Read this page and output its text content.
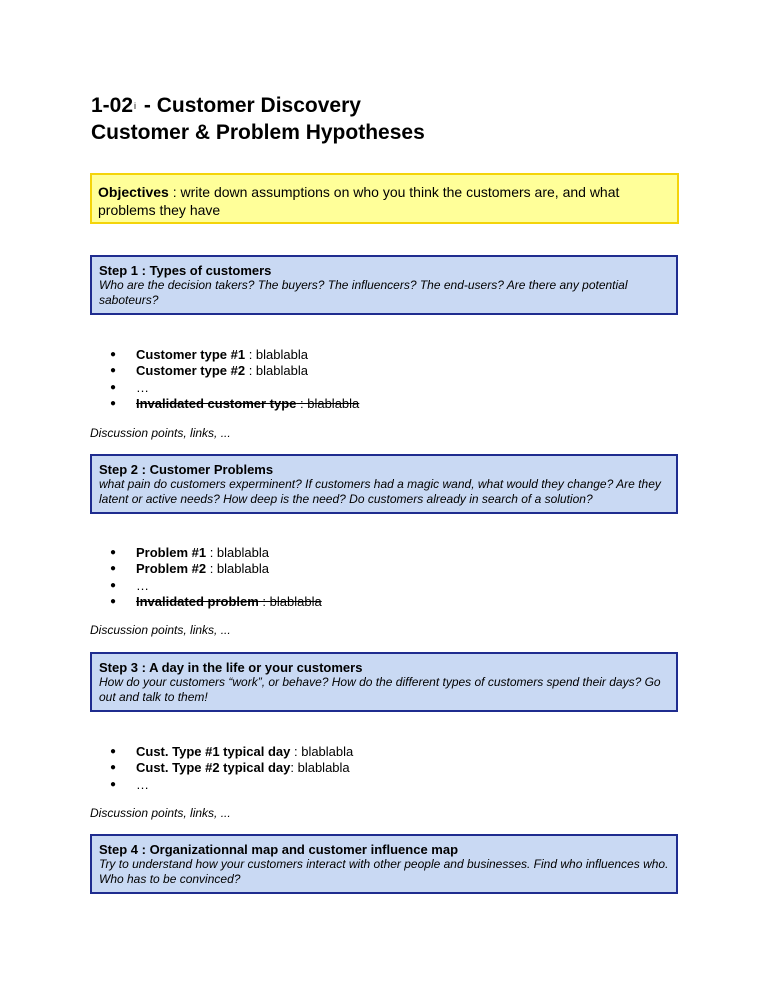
1-02$^i$ - Customer Discovery
Customer & Problem Hypotheses
Objectives : write down assumptions on who you think the customers are, and what problems they have
Step 1 : Types of customers
Who are the decision takers? The buyers? The influencers? The end-users? Are there any potential saboteurs?
● Customer type #1 : blablabla
● Customer type #2 : blablabla
● …
● Invalidated customer type : blablabla
Discussion points, links, ...
Step 2 : Customer Problems
what pain do customers experminent? If customers had a magic wand, what would they change? Are they latent or active needs? How deep is the need? Do customers already in search of a solution?
● Problem #1 : blablabla
● Problem #2 : blablabla
● …
● Invalidated problem : blablabla
Discussion points, links, ...
Step 3 : A day in the life or your customers
How do your customers “work”, or behave? How do the different types of customers spend their days? Go out and talk to them!
● Cust. Type #1 typical day : blablabla
● Cust. Type #2 typical day: blablabla
● …
Discussion points, links, ...
Step 4 : Organizationnal map and customer influence map
Try to understand how your customers interact with other people and businesses. Find who influences who. Who has to be convinced?
